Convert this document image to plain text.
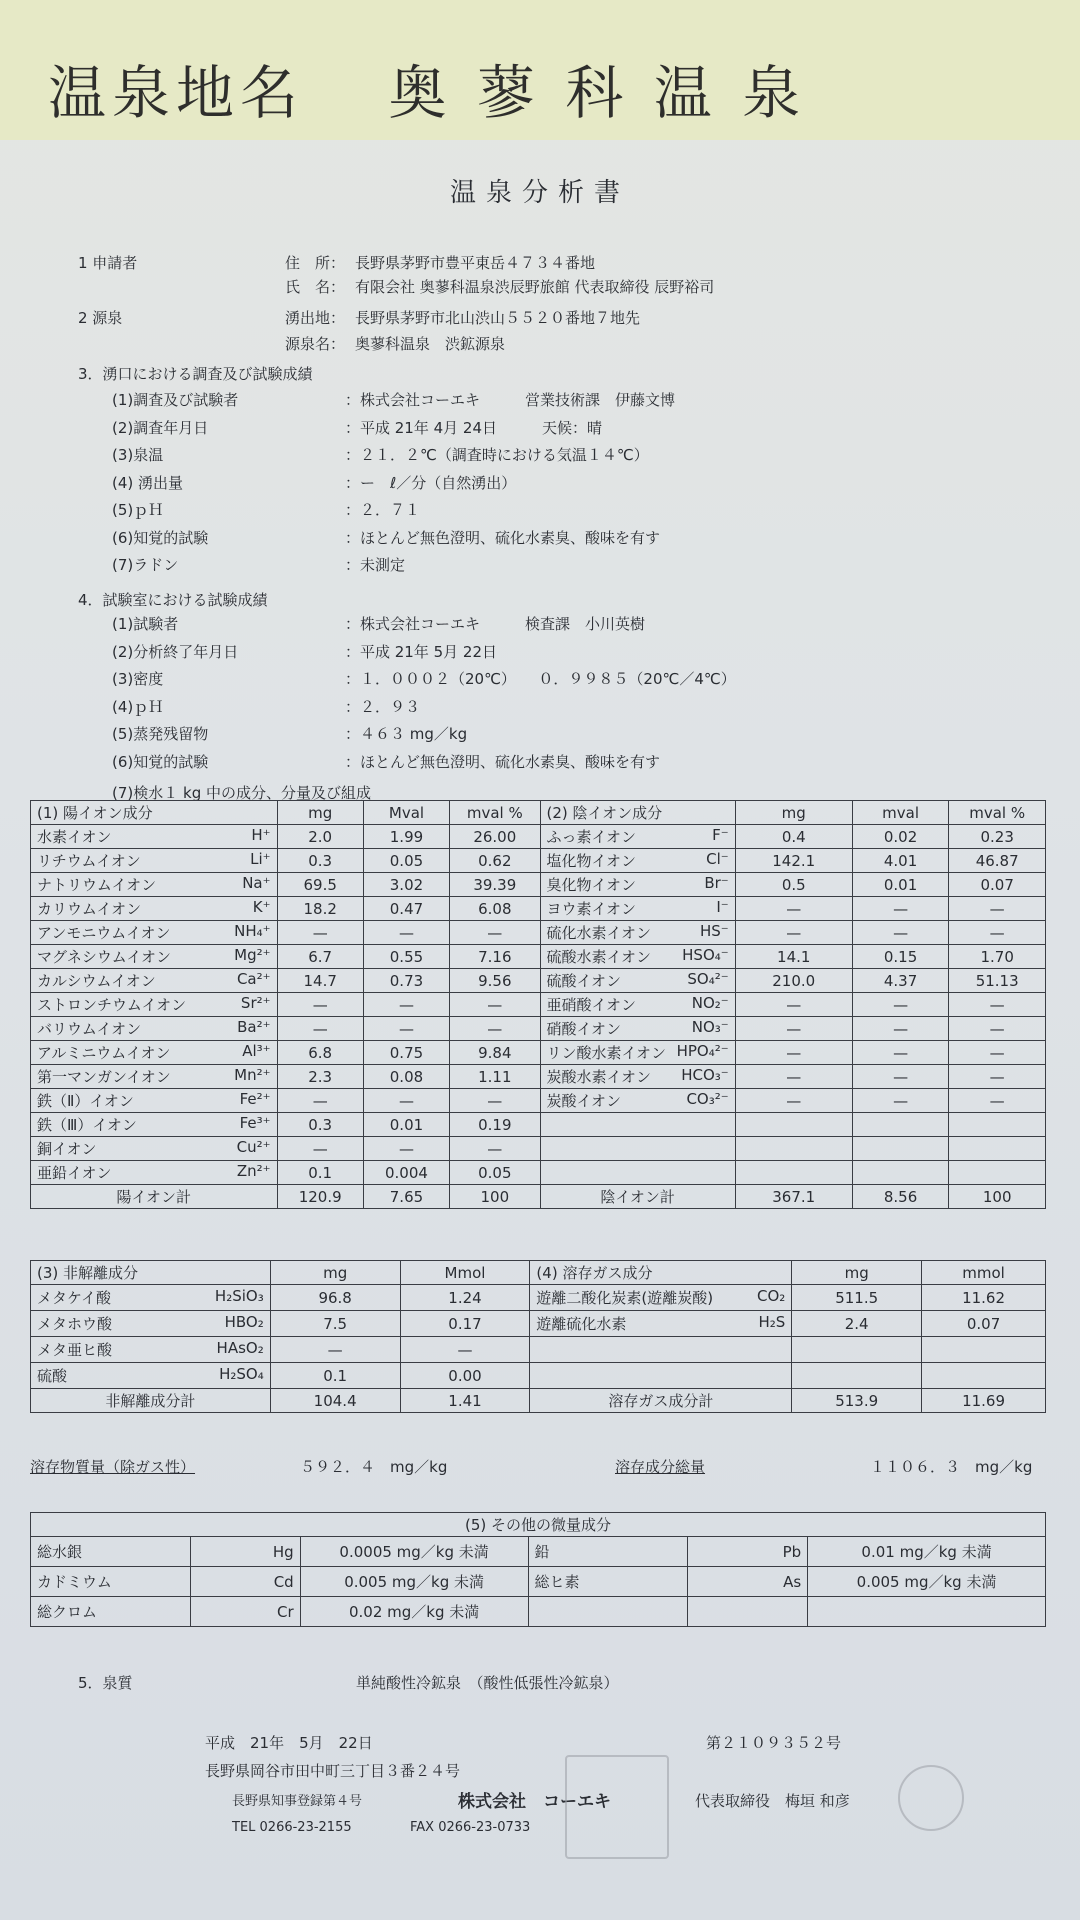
温泉地名 奥 蓼 科 温 泉
温泉分析書
1 申請者	住　所： 長野県茅野市豊平東岳４７３４番地
氏　名： 有限会社 奥蓼科温泉渋辰野旅館 代表取締役 辰野裕司
2 源泉	湧出地： 長野県茅野市北山渋山５５２０番地７地先
源泉名： 奥蓼科温泉　渋鉱源泉
3．湧口における調査及び試験成績
(1)調査及び試験者	：株式会社コーエキ　　　営業技術課　伊藤文博
(2)調査年月日	：平成 21年 4月 24日　　　天候：晴
(3)泉温	：２１．２℃（調査時における気温１４℃）
(4) 湧出量	：ー　ℓ／分（自然湧出）
(5)ｐＨ	：２．７１
(6)知覚的試験	：ほとんど無色澄明、硫化水素臭、酸味を有す
(7)ラドン	：未測定
4．試験室における試験成績
(1)試験者	：株式会社コーエキ　　　検査課　小川英樹
(2)分析終了年月日	：平成 21年 5月 22日
(3)密度	：１．０００２（20℃）　　０．９９８５（20℃／4℃）
(4)ｐＨ	：２．９３
(5)蒸発残留物	：４６３ mg／kg
(6)知覚的試験	：ほとんど無色澄明、硫化水素臭、酸味を有す
(7)検水１ kg 中の成分、分量及び組成
(1) 陽イオン成分	mg	Mval	mval %	(2) 陰イオン成分	mg	mval	mval %
水素イオン H⁺	2.0	1.99	26.00	ふっ素イオン F⁻	0.4	0.02	0.23
リチウムイオン Li⁺	0.3	0.05	0.62	塩化物イオン Cl⁻	142.1	4.01	46.87
ナトリウムイオン Na⁺	69.5	3.02	39.39	臭化物イオン Br⁻	0.5	0.01	0.07
カリウムイオン K⁺	18.2	0.47	6.08	ヨウ素イオン I⁻	—	—	—
アンモニウムイオン NH₄⁺	—	—	—	硫化水素イオン HS⁻	—	—	—
マグネシウムイオン Mg²⁺	6.7	0.55	7.16	硫酸水素イオン HSO₄⁻	14.1	0.15	1.70
カルシウムイオン Ca²⁺	14.7	0.73	9.56	硫酸イオン SO₄²⁻	210.0	4.37	51.13
ストロンチウムイオン Sr²⁺	—	—	—	亜硝酸イオン NO₂⁻	—	—	—
バリウムイオン Ba²⁺	—	—	—	硝酸イオン NO₃⁻	—	—	—
アルミニウムイオン Al³⁺	6.8	0.75	9.84	リン酸水素イオン HPO₄²⁻	—	—	—
第一マンガンイオン Mn²⁺	2.3	0.08	1.11	炭酸水素イオン HCO₃⁻	—	—	—
鉄（Ⅱ）イオン Fe²⁺	—	—	—	炭酸イオン CO₃²⁻	—	—	—
鉄（Ⅲ）イオン Fe³⁺	0.3	0.01	0.19	

銅イオン Cu²⁺	—	—	—	

亜鉛イオン Zn²⁺	0.1	0.004	0.05	

陽イオン計	120.9	7.65	100	陰イオン計	367.1	8.56	100
(3) 非解離成分	mg	Mmol	(4) 溶存ガス成分	mg	mmol
メタケイ酸 H₂SiO₃	96.8	1.24	遊離二酸化炭素(遊離炭酸) CO₂	511.5	11.62
メタホウ酸 HBO₂	7.5	0.17	遊離硫化水素 H₂S	2.4	0.07
メタ亜ヒ酸 HAsO₂	—	—	

硫酸 H₂SO₄	0.1	0.00	

非解離成分計	104.4	1.41	溶存ガス成分計	513.9	11.69
溶存物質量（除ガス性）	５９２．４　mg／kg	溶存成分総量	１１０６．３　mg／kg
(5) その他の微量成分					
総水銀	Hg	0.0005 mg／kg 未満	鉛	Pb	0.01 mg／kg 未満
カドミウム	Cd	0.005 mg／kg 未満	総ヒ素	As	0.005 mg／kg 未満
総クロム	Cr	0.02 mg／kg 未満			
5．泉質	単純酸性冷鉱泉　（酸性低張性冷鉱泉）
平成　21年　5月　22日	第２１０９３５２号
長野県岡谷市田中町三丁目３番２４号
長野県知事登録第４号	株式会社　コーエキ	代表取締役　梅垣 和彦
TEL 0266-23-2155	FAX 0266-23-0733
